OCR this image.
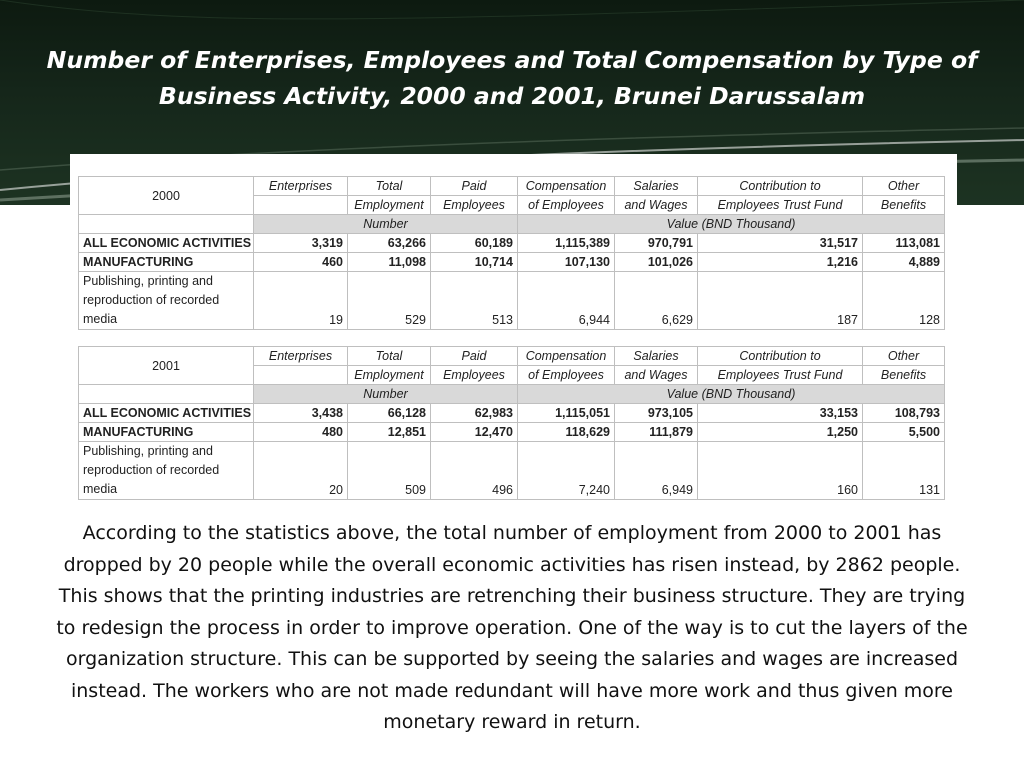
Number of Enterprises, Employees and Total Compensation by Type of Business Activity, 2000 and 2001, Brunei Darussalam
2000	Enterprises	Total	Paid	Compensation	Salaries	Contribution to	Other
		Employment	Employees	of Employees	and Wages	Employees Trust Fund	Benefits
	Number			Value (BND Thousand)			
ALL ECONOMIC ACTIVITIES	3,319	63,266	60,189	1,115,389	970,791	31,517	113,081
MANUFACTURING	460	11,098	10,714	107,130	101,026	1,216	4,889
Publishing, printing and reproduction of recorded media	19	529	513	6,944	6,629	187	128
2001	Enterprises	Total	Paid	Compensation	Salaries	Contribution to	Other
		Employment	Employees	of Employees	and Wages	Employees Trust Fund	Benefits
	Number			Value (BND Thousand)			
ALL ECONOMIC ACTIVITIES	3,438	66,128	62,983	1,115,051	973,105	33,153	108,793
MANUFACTURING	480	12,851	12,470	118,629	111,879	1,250	5,500
Publishing, printing and reproduction of recorded media	20	509	496	7,240	6,949	160	131

According to the statistics above, the total number of employment from 2000 to 2001 has dropped by 20 people while the overall economic activities has risen instead, by 2862 people. This shows that the printing industries are retrenching their business structure. They are trying to redesign the process in order to improve operation. One of the way is to cut the layers of the organization structure. This can be supported by seeing the salaries and wages are increased instead. The workers who are not made redundant will have more work and thus given more monetary reward in return.
